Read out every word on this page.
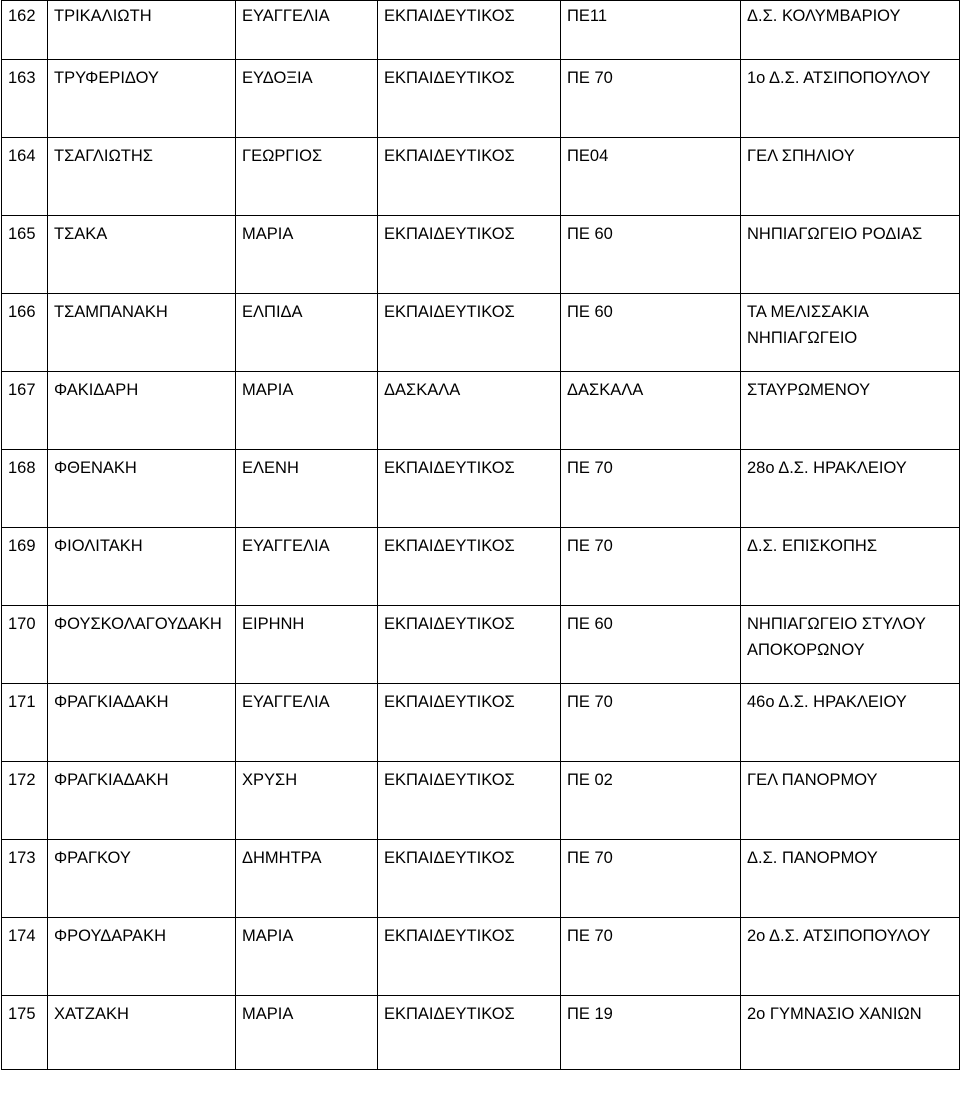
162	ΤΡΙΚΑΛΙΩΤΗ	ΕΥΑΓΓΕΛΙΑ	ΕΚΠΑΙΔΕΥΤΙΚΟΣ	ΠΕ11	Δ.Σ. ΚΟΛΥΜΒΑΡΙΟΥ
163	ΤΡΥΦΕΡΙΔΟΥ	ΕΥΔΟΞΙΑ	ΕΚΠΑΙΔΕΥΤΙΚΟΣ	ΠΕ 70	1ο Δ.Σ. ΑΤΣΙΠΟΠΟΥΛΟΥ
164	ΤΣΑΓΛΙΩΤΗΣ	ΓΕΩΡΓΙΟΣ	ΕΚΠΑΙΔΕΥΤΙΚΟΣ	ΠΕ04	ΓΕΛ ΣΠΗΛΙΟΥ
165	ΤΣΑΚΑ	ΜΑΡΙΑ	ΕΚΠΑΙΔΕΥΤΙΚΟΣ	ΠΕ 60	ΝΗΠΙΑΓΩΓΕΙΟ ΡΟΔΙΑΣ
166	ΤΣΑΜΠΑΝΑΚΗ	ΕΛΠΙΔΑ	ΕΚΠΑΙΔΕΥΤΙΚΟΣ	ΠΕ 60	ΤΑ ΜΕΛΙΣΣΑΚΙΑ ΝΗΠΙΑΓΩΓΕΙΟ
167	ΦΑΚΙΔΑΡΗ	ΜΑΡΙΑ	ΔΑΣΚΑΛΑ	ΔΑΣΚΑΛΑ	ΣΤΑΥΡΩΜΕΝΟΥ
168	ΦΘΕΝΑΚΗ	ΕΛΕΝΗ	ΕΚΠΑΙΔΕΥΤΙΚΟΣ	ΠΕ 70	28ο Δ.Σ. ΗΡΑΚΛΕΙΟΥ
169	ΦΙΟΛΙΤΑΚΗ	ΕΥΑΓΓΕΛΙΑ	ΕΚΠΑΙΔΕΥΤΙΚΟΣ	ΠΕ 70	Δ.Σ. ΕΠΙΣΚΟΠΗΣ
170	ΦΟΥΣΚΟΛΑΓΟΥΔΑΚΗ	ΕΙΡΗΝΗ	ΕΚΠΑΙΔΕΥΤΙΚΟΣ	ΠΕ 60	ΝΗΠΙΑΓΩΓΕΙΟ ΣΤΥΛΟΥ ΑΠΟΚΟΡΩΝΟΥ
171	ΦΡΑΓΚΙΑΔΑΚΗ	ΕΥΑΓΓΕΛΙΑ	ΕΚΠΑΙΔΕΥΤΙΚΟΣ	ΠΕ 70	46ο Δ.Σ. ΗΡΑΚΛΕΙΟΥ
172	ΦΡΑΓΚΙΑΔΑΚΗ	ΧΡΥΣΗ	ΕΚΠΑΙΔΕΥΤΙΚΟΣ	ΠΕ 02	ΓΕΛ ΠΑΝΟΡΜΟΥ
173	ΦΡΑΓΚΟΥ	ΔΗΜΗΤΡΑ	ΕΚΠΑΙΔΕΥΤΙΚΟΣ	ΠΕ 70	Δ.Σ. ΠΑΝΟΡΜΟΥ
174	ΦΡΟΥΔΑΡΑΚΗ	ΜΑΡΙΑ	ΕΚΠΑΙΔΕΥΤΙΚΟΣ	ΠΕ 70	2ο Δ.Σ. ΑΤΣΙΠΟΠΟΥΛΟΥ
175	ΧΑΤΖΑΚΗ	ΜΑΡΙΑ	ΕΚΠΑΙΔΕΥΤΙΚΟΣ	ΠΕ 19	2ο ΓΥΜΝΑΣΙΟ ΧΑΝΙΩΝ
